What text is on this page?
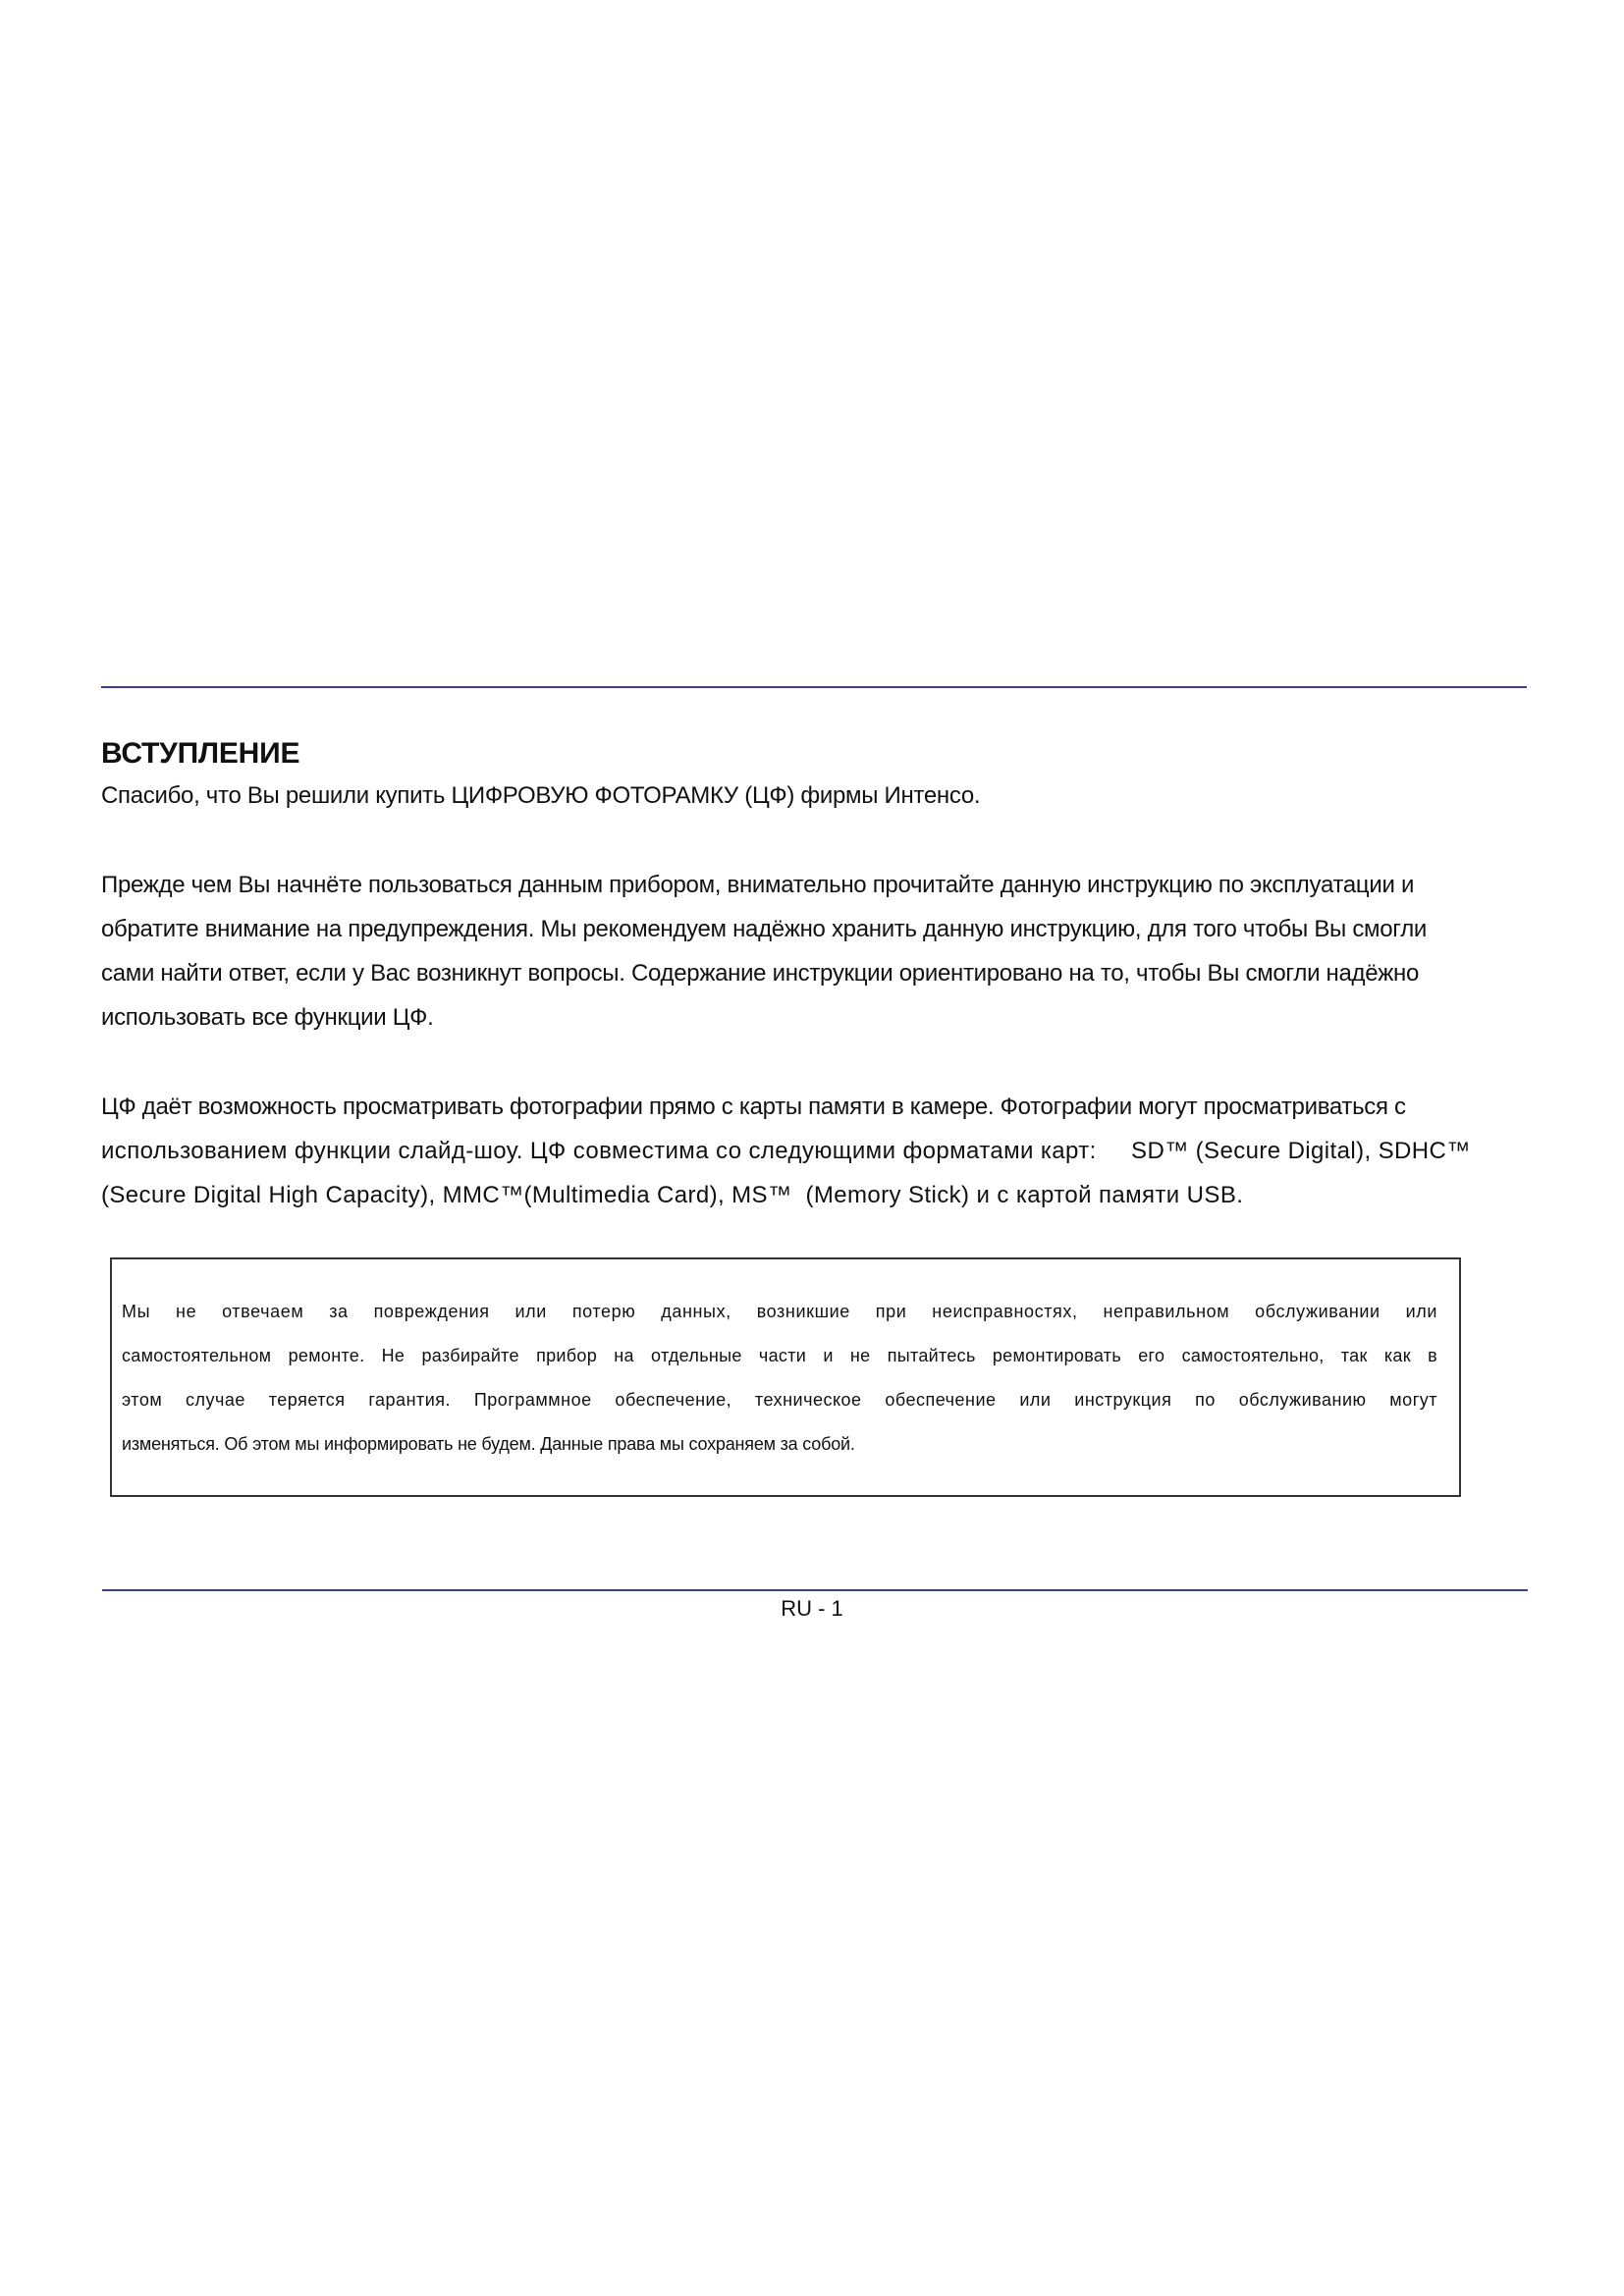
ВСТУПЛЕНИЕ

Спасибо, что Вы решили купить ЦИФРОВУЮ ФОТОРАМКУ (ЦФ) фирмы Интенсо.

Прежде чем Вы начнёте пользоваться данным прибором, внимательно прочитайте данную инструкцию по эксплуатации и
обратите внимание на предупреждения. Мы рекомендуем надёжно хранить данную инструкцию, для того чтобы Вы смогли
сами найти ответ, если у Вас возникнут вопросы. Содержание инструкции ориентировано на то, чтобы Вы смогли надёжно
использовать все функции ЦФ.

ЦФ даёт возможность просматривать фотографии прямо с карты памяти в камере. Фотографии могут просматриваться с
использованием функции слайд-шоу. ЦФ совместима со следующими форматами карт:     SD™ (Secure Digital), SDHC™
(Secure Digital High Capacity), MMC™(Multimedia Card), MS™  (Memory Stick) и с картой памяти USB.

Мы не отвечаем за повреждения или потерю данных, возникшие при неисправностях, неправильном обслуживании или
самостоятельном ремонте. Не разбирайте прибор на отдельные части и не пытайтесь ремонтировать его самостоятельно, так как в
этом случае теряется гарантия. Программное обеспечение, техническое обеспечение или инструкция по обслуживанию могут
изменяться. Об этом мы информировать не будем. Данные права мы сохраняем за собой.

RU - 1
